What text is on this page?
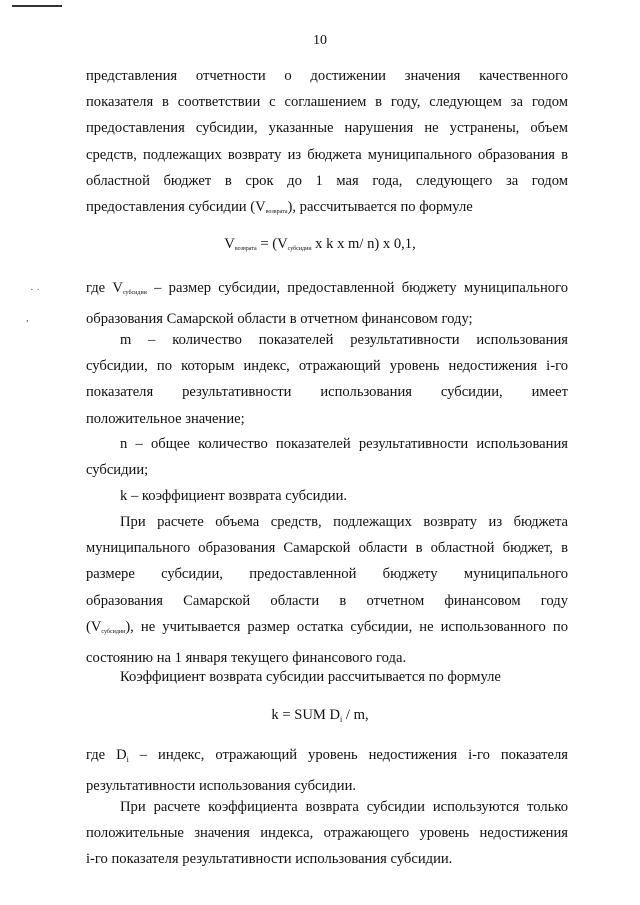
· ·
,
10
представления отчетности о достижении значения качественного
показателя в соответствии с соглашением в году, следующем за годом
предоставления субсидии, указанные нарушения не устранены, объем
средств, подлежащих возврату из бюджета муниципального образования в
областной бюджет в срок до 1 мая года, следующего за годом
предоставления субсидии $(V_{возврата})$, рассчитывается по формуле
$V_{возврата} = (V_{субсидии}$ x k x m/ n) x 0,1,
где $V_{субсидии}$ – размер субсидии, предоставленной бюджету муниципального
образования Самарской области в отчетном финансовом году;
m – количество показателей результативности использования
субсидии, по которым индекс, отражающий уровень недостижения i-го
показателя результативности использования субсидии, имеет
положительное значение;
n – общее количество показателей результативности использования
субсидии;
k – коэффициент возврата субсидии.
При расчете объема средств, подлежащих возврату из бюджета
муниципального образования Самарской области в областной бюджет, в
размере субсидии, предоставленной бюджету муниципального
образования Самарской области в отчетном финансовом году
$(V_{субсидии})$, не учитывается размер остатка субсидии, не использованного по
состоянию на 1 января текущего финансового года.
Коэффициент возврата субсидии рассчитывается по формуле
k = SUM $D_i$ / m,
где $D_i$ – индекс, отражающий уровень недостижения i-го показателя
результативности использования субсидии.
При расчете коэффициента возврата субсидии используются только
положительные значения индекса, отражающего уровень недостижения
i-го показателя результативности использования субсидии.
